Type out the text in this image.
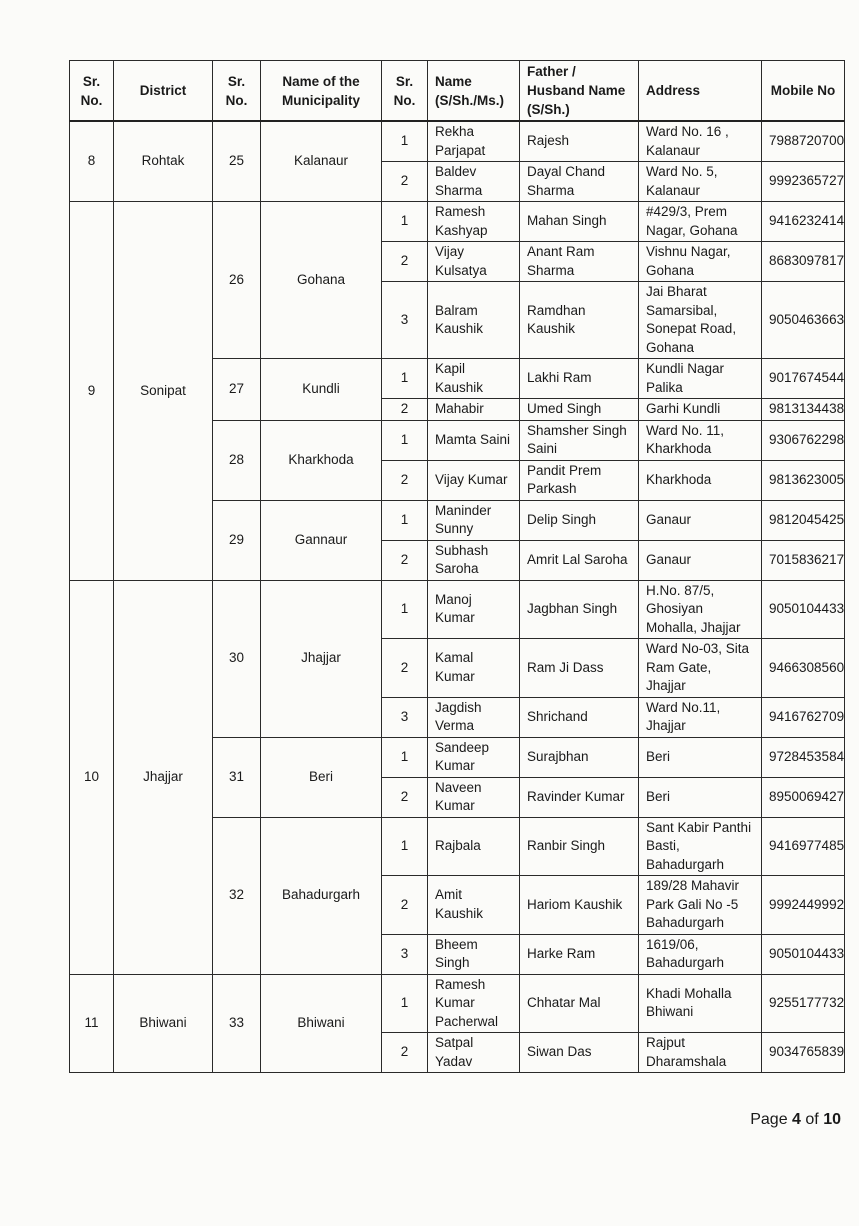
Sr. No.	District	Sr. No.	Name of the Municipality	Sr. No.	Name (S/Sh./Ms.)	Father / Husband Name (S/Sh.)	Address	Mobile No
8	Rohtak	25	Kalanaur	1	Rekha Parjapat	Rajesh	Ward No. 16 , Kalanaur	7988720700
				2	Baldev Sharma	Dayal Chand Sharma	Ward No. 5, Kalanaur	9992365727
9	Sonipat	26	Gohana	1	Ramesh Kashyap	Mahan Singh	#429/3, Prem Nagar, Gohana	9416232414
				2	Vijay Kulsatya	Anant Ram Sharma	Vishnu Nagar, Gohana	8683097817
				3	Balram Kaushik	Ramdhan Kaushik	Jai Bharat Samarsibal, Sonepat Road, Gohana	9050463663
		27	Kundli	1	Kapil Kaushik	Lakhi Ram	Kundli Nagar Palika	9017674544
				2	Mahabir	Umed Singh	Garhi Kundli	9813134438
		28	Kharkhoda	1	Mamta Saini	Shamsher Singh Saini	Ward No. 11, Kharkhoda	9306762298
				2	Vijay Kumar	Pandit Prem Parkash	Kharkhoda	9813623005
		29	Gannaur	1	Maninder Sunny	Delip Singh	Ganaur	9812045425
				2	Subhash Saroha	Amrit Lal Saroha	Ganaur	7015836217
10	Jhajjar	30	Jhajjar	1	Manoj Kumar	Jagbhan Singh	H.No. 87/5, Ghosiyan Mohalla, Jhajjar	9050104433
				2	Kamal Kumar	Ram Ji Dass	Ward No-03, Sita Ram Gate, Jhajjar	9466308560
				3	Jagdish Verma	Shrichand	Ward No.11, Jhajjar	9416762709
		31	Beri	1	Sandeep Kumar	Surajbhan	Beri	9728453584
				2	Naveen Kumar	Ravinder Kumar	Beri	8950069427
		32	Bahadurgarh	1	Rajbala	Ranbir Singh	Sant Kabir Panthi Basti, Bahadurgarh	9416977485
				2	Amit Kaushik	Hariom Kaushik	189/28 Mahavir Park Gali No -5 Bahadurgarh	9992449992
				3	Bheem Singh	Harke Ram	1619/06, Bahadurgarh	9050104433
11	Bhiwani	33	Bhiwani	1	Ramesh Kumar Pacherwal	Chhatar Mal	Khadi Mohalla Bhiwani	9255177732
				2	Satpal Yadav	Siwan Das	Rajput Dharamshala	9034765839
Page 4 of 10
